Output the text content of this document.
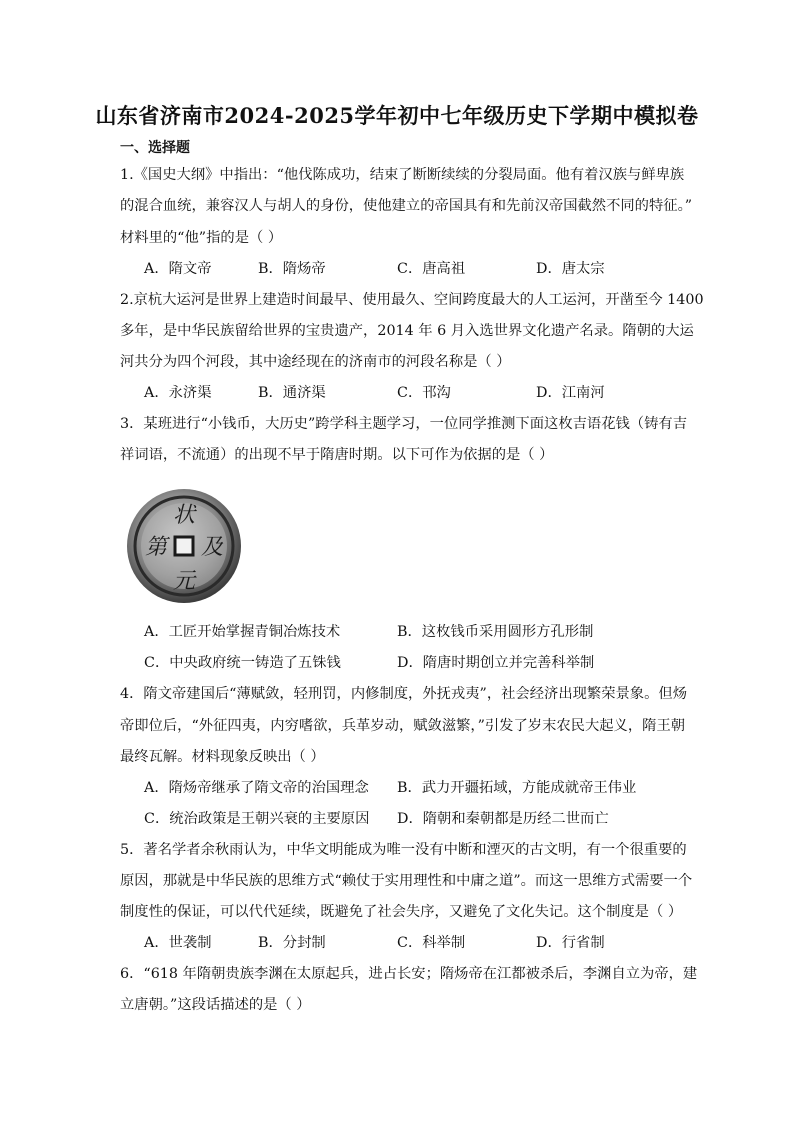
山东省济南市2024-2025学年初中七年级历史下学期中模拟卷
一、选择题
1.《国史大纲》中指出：“他伐陈成功，结束了断断续续的分裂局面。他有着汉族与鲜卑族
的混合血统，兼容汉人与胡人的身份，使他建立的帝国具有和先前汉帝国截然不同的特征。”
材料里的“他”指的是（ ）
A．隋文帝	B．隋炀帝	C．唐高祖	D．唐太宗
2.京杭大运河是世界上建造时间最早、使用最久、空间跨度最大的人工运河，开凿至今 1400
多年，是中华民族留给世界的宝贵遗产，2014 年 6 月入选世界文化遗产名录。隋朝的大运
河共分为四个河段，其中途经现在的济南市的河段名称是（ ）
A．永济渠	B．通济渠	C．邗沟	D．江南河
3．某班进行“小钱币，大历史”跨学科主题学习，一位同学推测下面这枚吉语花钱（铸有吉
祥词语，不流通）的出现不早于隋唐时期。以下可作为依据的是（ ）
状
元
及
第
A．工匠开始掌握青铜冶炼技术	B．这枚钱币采用圆形方孔形制
C．中央政府统一铸造了五铢钱	D．隋唐时期创立并完善科举制
4．隋文帝建国后“薄赋敛，轻刑罚，内修制度，外抚戎夷”，社会经济出现繁荣景象。但炀
帝即位后，“外征四夷，内穷嗜欲，兵革岁动，赋敛滋繁，”引发了岁末农民大起义，隋王朝
最终瓦解。材料现象反映出（ ）
A．隋炀帝继承了隋文帝的治国理念 B．武力开疆拓域，方能成就帝王伟业
C．统治政策是王朝兴衰的主要原因 D．隋朝和秦朝都是历经二世而亡
5．著名学者余秋雨认为，中华文明能成为唯一没有中断和湮灭的古文明，有一个很重要的
原因，那就是中华民族的思维方式“赖仗于实用理性和中庸之道”。而这一思维方式需要一个
制度性的保证，可以代代延续，既避免了社会失序，又避免了文化失记。这个制度是（ ）
A．世袭制	B．分封制	C．科举制	D．行省制
6．“618 年隋朝贵族李渊在太原起兵，进占长安；隋炀帝在江都被杀后，李渊自立为帝，建
立唐朝。”这段话描述的是（ ）
